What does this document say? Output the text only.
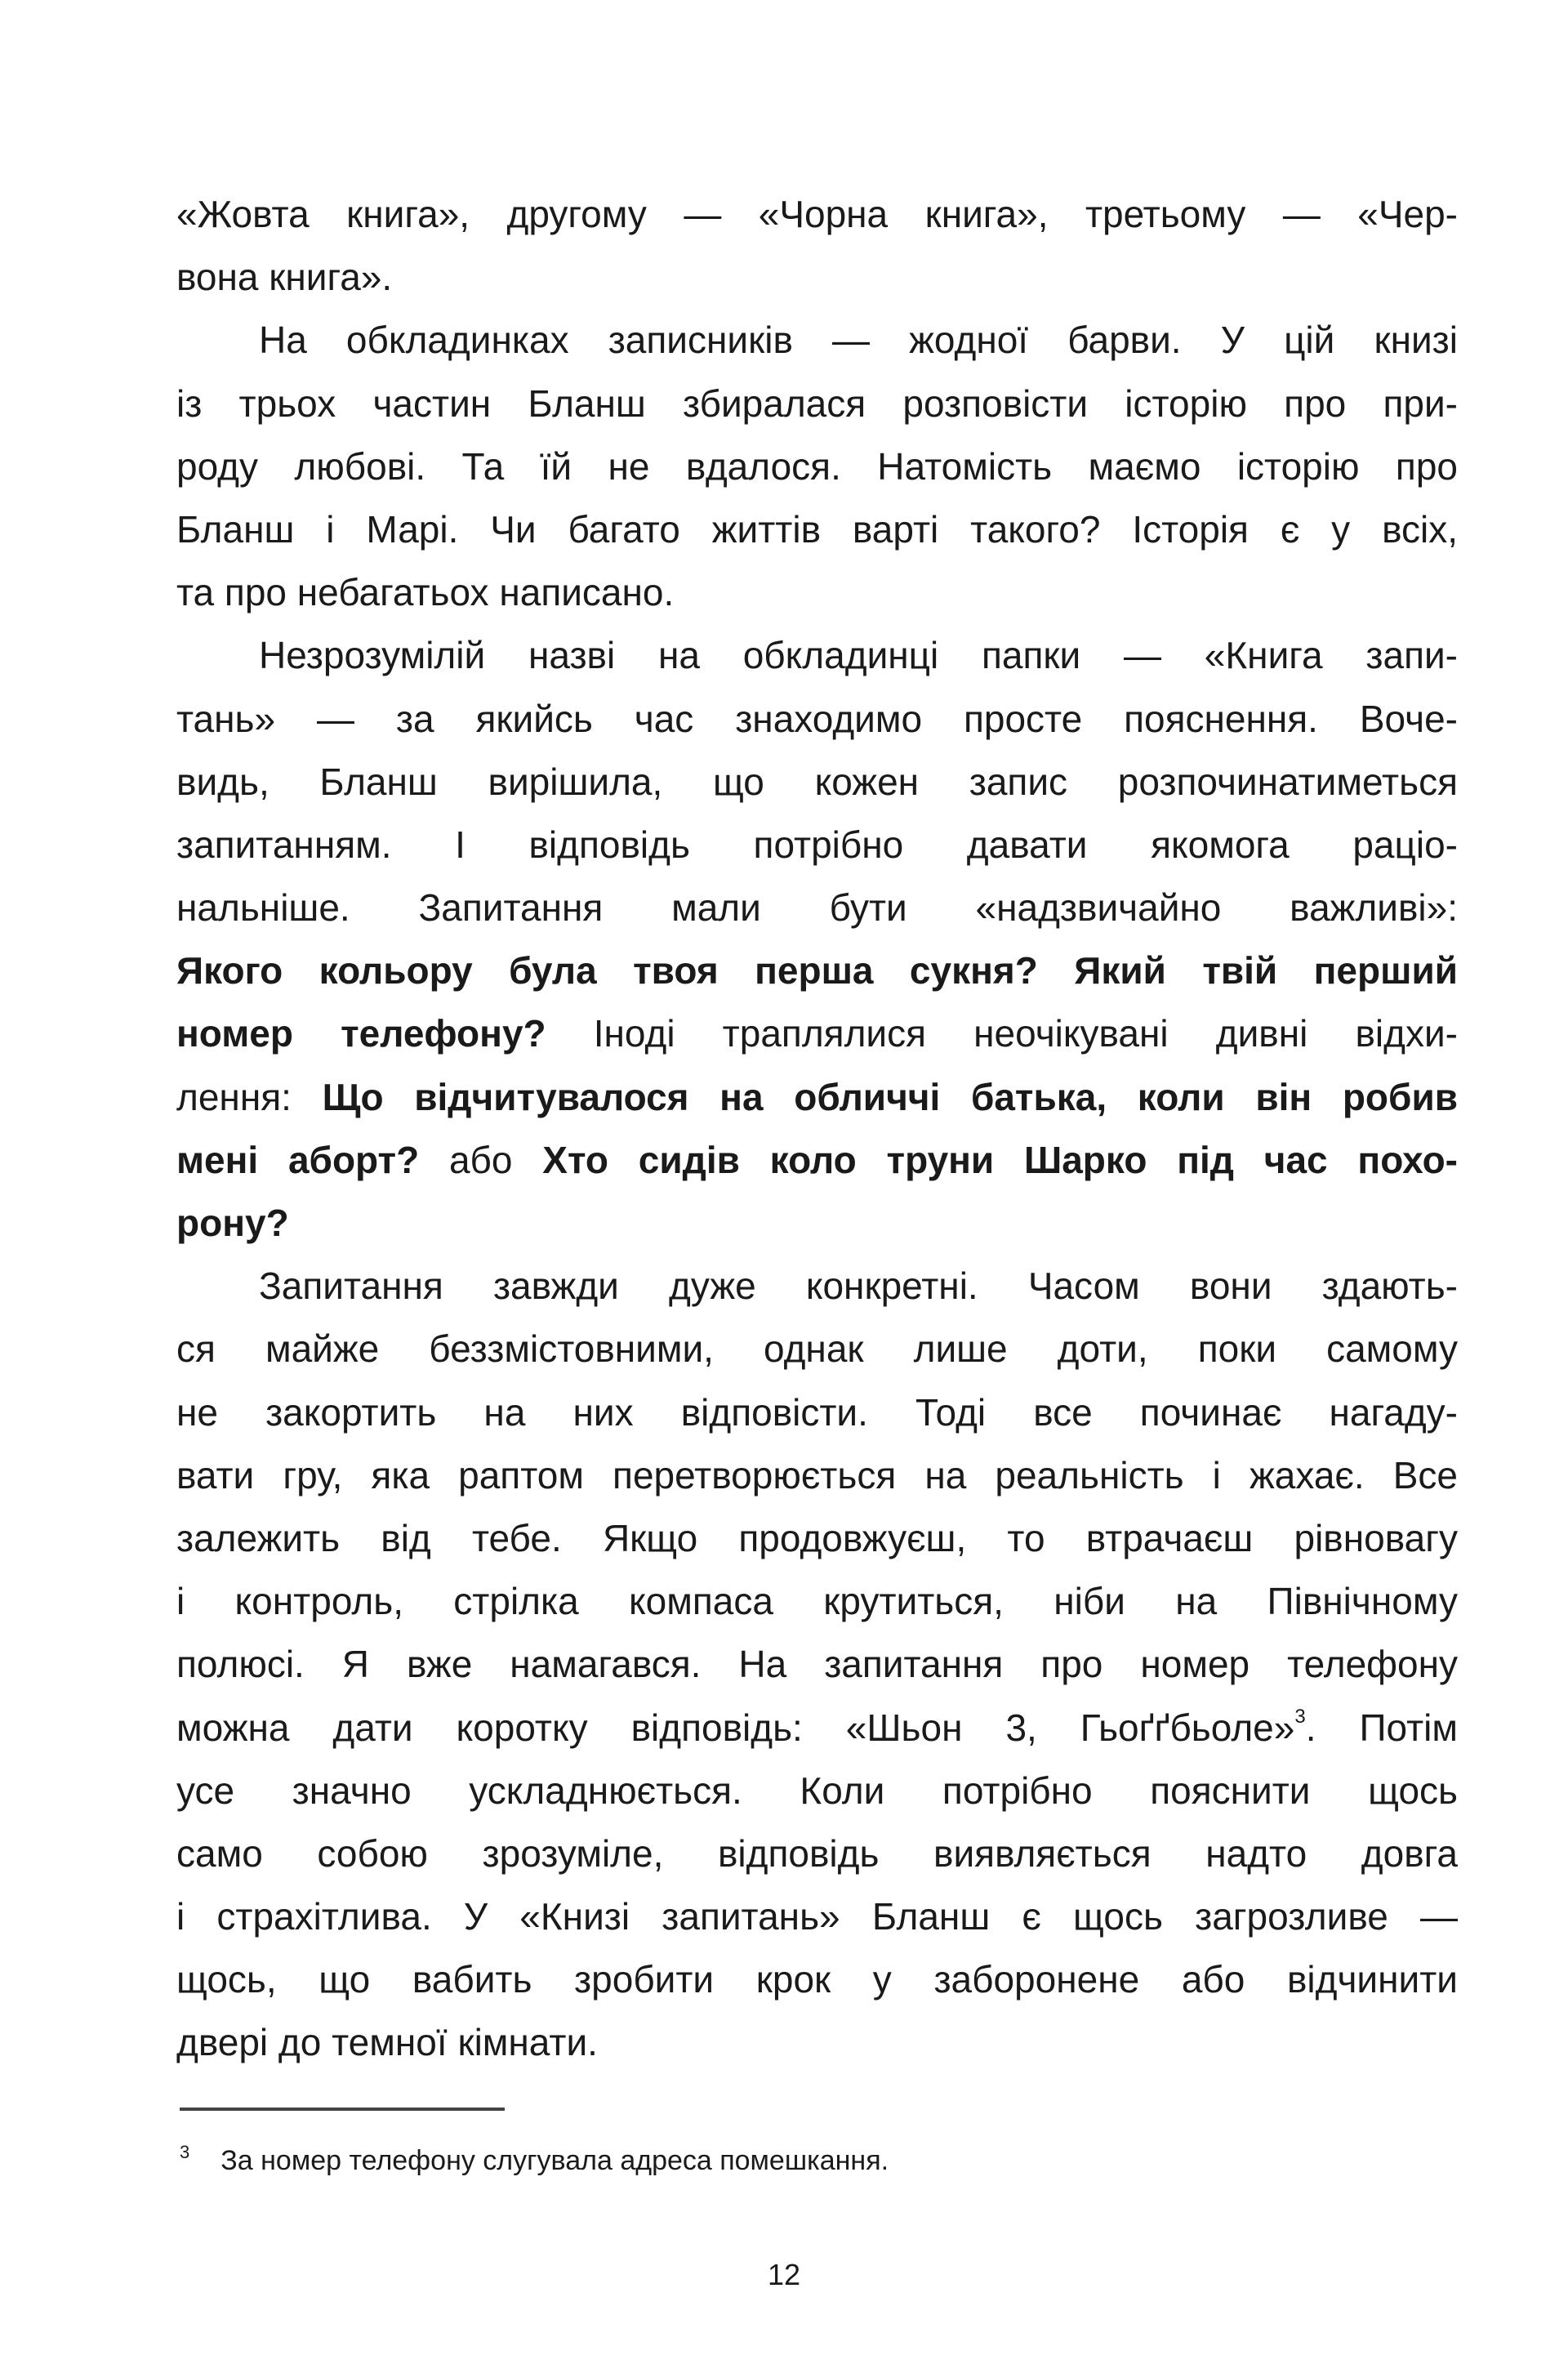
«Жовта книга», другому — «Чорна книга», третьому — «Чер-
вона книга».
На обкладинках записників — жодної барви. У цій книзі
із трьох частин Бланш збиралася розповісти історію про при-
роду любові. Та їй не вдалося. Натомість маємо історію про
Бланш і Марі. Чи багато життів варті такого? Історія є у всіх,
та про небагатьох написано.
Незрозумілій назві на обкладинці папки — «Книга запи-
тань» — за якийсь час знаходимо просте пояснення. Воче-
видь, Бланш вирішила, що кожен запис розпочинатиметься
запитанням. І відповідь потрібно давати якомога раціо-
нальніше. Запитання мали бути «надзвичайно важливі»:
Якого кольору була твоя перша сукня? Який твій перший
номер телефону? Іноді траплялися неочікувані дивні відхи-
лення: Що відчитувалося на обличчі батька, коли він робив
мені аборт? або Хто сидів коло труни Шарко під час похо-
рону?
Запитання завжди дуже конкретні. Часом вони здають-
ся майже беззмістовними, однак лише доти, поки самому
не закортить на них відповісти. Тоді все починає нагаду-
вати гру, яка раптом перетворюється на реальність і жахає. Все
залежить від тебе. Якщо продовжуєш, то втрачаєш рівновагу
і контроль, стрілка компаса крутиться, ніби на Північному
полюсі. Я вже намагався. На запитання про номер телефону
можна дати коротку відповідь: «Шьон 3, Гьоґґбьоле»$^3$. Потім
усе значно ускладнюється. Коли потрібно пояснити щось
само собою зрозуміле, відповідь виявляється надто довга
і страхітлива. У «Книзі запитань» Бланш є щось загрозливе —
щось, що вабить зробити крок у заборонене або відчинити
двері до темної кімнати.
$^3$ За номер телефону слугувала адреса помешкання.
12
